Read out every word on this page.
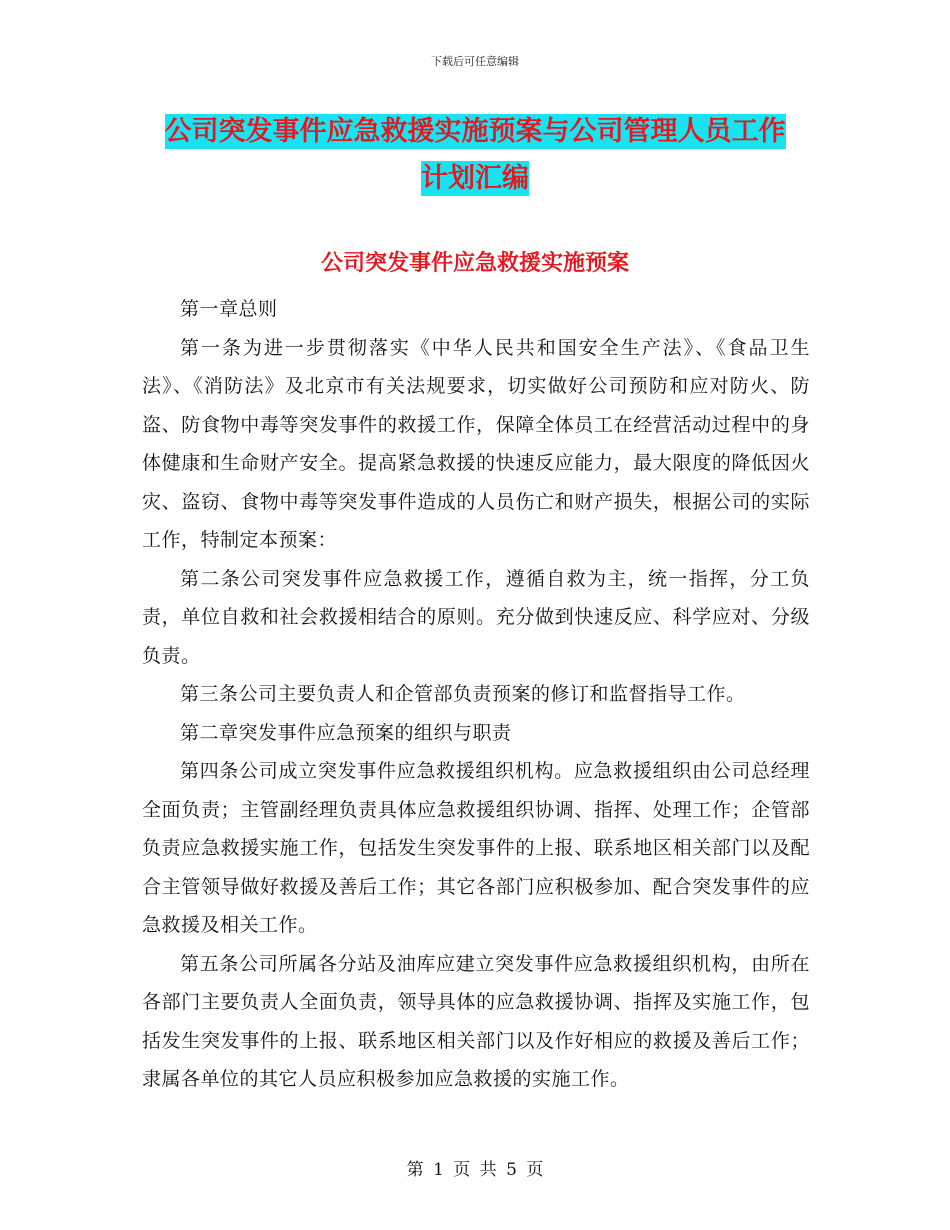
下载后可任意编辑
公司突发事件应急救援实施预案与公司管理人员工作
计划汇编
公司突发事件应急救援实施预案

第一章总则

第一条为进一步贯彻落实《中华人民共和国安全生产法》、《食品卫生法》、《消防法》及北京市有关法规要求，切实做好公司预防和应对防火、防盗、防食物中毒等突发事件的救援工作，保障全体员工在经营活动过程中的身体健康和生命财产安全。提高紧急救援的快速反应能力，最大限度的降低因火灾、盗窃、食物中毒等突发事件造成的人员伤亡和财产损失，根据公司的实际工作，特制定本预案：

第二条公司突发事件应急救援工作，遵循自救为主，统一指挥，分工负责，单位自救和社会救援相结合的原则。充分做到快速反应、科学应对、分级负责。

第三条公司主要负责人和企管部负责预案的修订和监督指导工作。

第二章突发事件应急预案的组织与职责

第四条公司成立突发事件应急救援组织机构。应急救援组织由公司总经理全面负责；主管副经理负责具体应急救援组织协调、指挥、处理工作；企管部负责应急救援实施工作，包括发生突发事件的上报、联系地区相关部门以及配合主管领导做好救援及善后工作；其它各部门应积极参加、配合突发事件的应急救援及相关工作。

第五条公司所属各分站及油库应建立突发事件应急救援组织机构，由所在各部门主要负责人全面负责，领导具体的应急救援协调、指挥及实施工作，包括发生突发事件的上报、联系地区相关部门以及作好相应的救援及善后工作；隶属各单位的其它人员应积极参加应急救援的实施工作。

第 1 页 共 5 页
